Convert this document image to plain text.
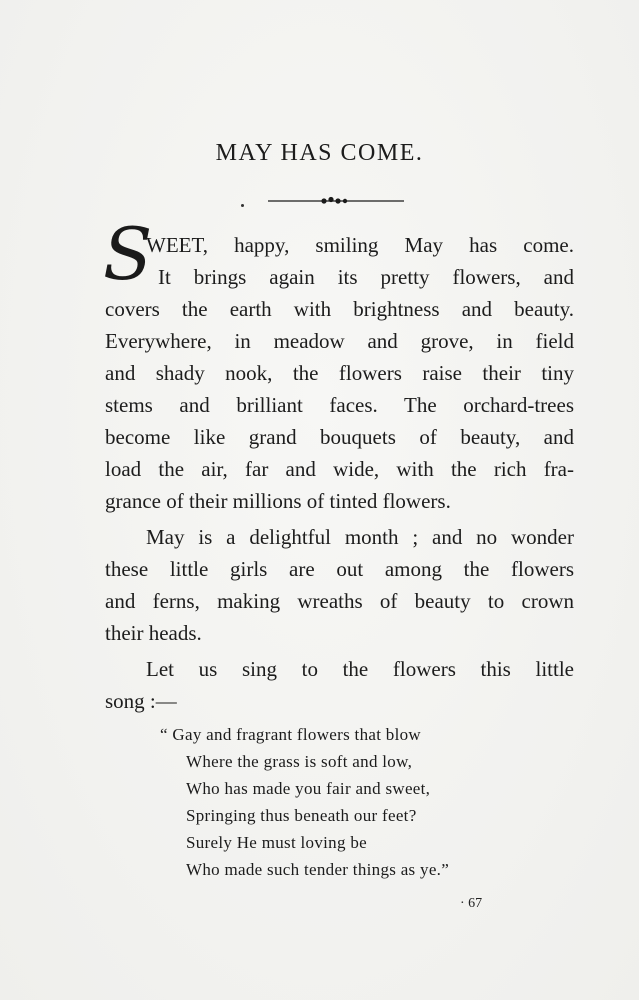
MAY HAS COME.
S
WEET, happy, smiling May has come.
It brings again its pretty flowers, and
covers the earth with brightness and beauty.
Everywhere, in meadow and grove, in field
and shady nook, the flowers raise their tiny
stems and brilliant faces. The orchard-trees
become like grand bouquets of beauty, and
load the air, far and wide, with the rich fra-
grance of their millions of tinted flowers.
May is a delightful month ; and no wonder
these little girls are out among the flowers
and ferns, making wreaths of beauty to crown
their heads.
Let us sing to the flowers this little
song :—
“ Gay and fragrant flowers that blow
Where the grass is soft and low,
Who has made you fair and sweet,
Springing thus beneath our feet?
Surely He must loving be
Who made such tender things as ye.”
· 67
